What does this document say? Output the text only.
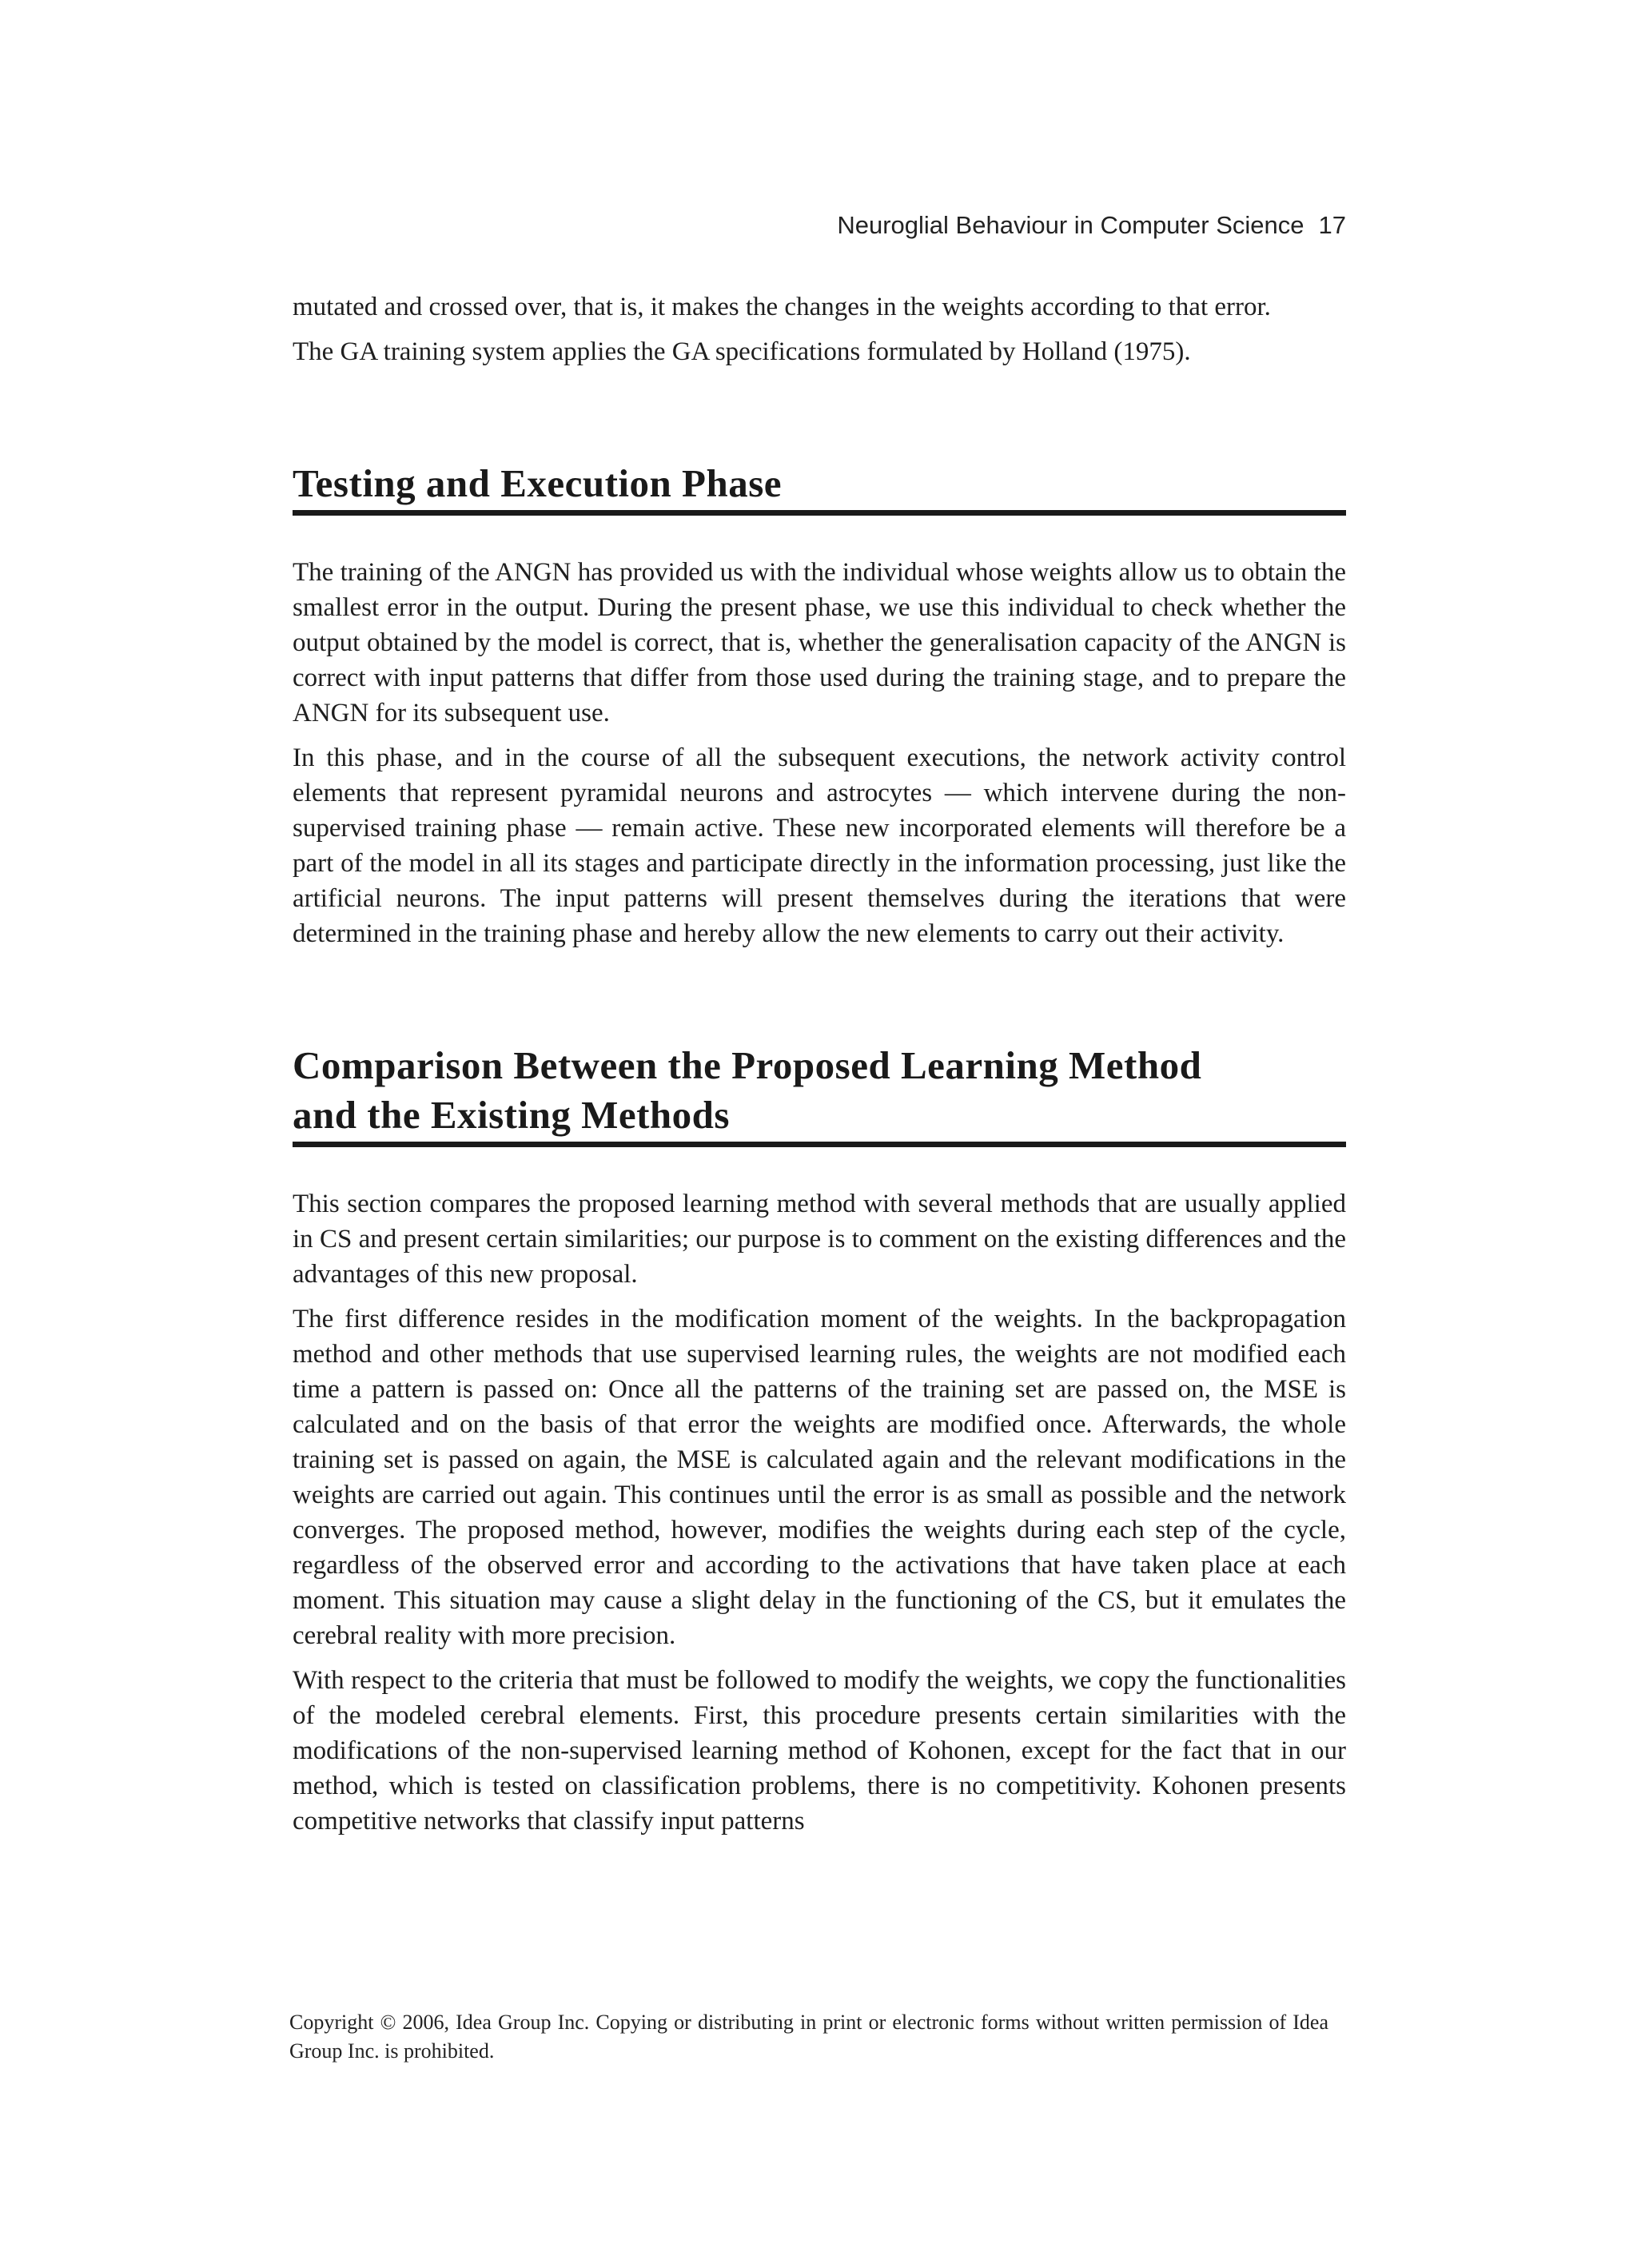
Neuroglial Behaviour in Computer Science 17

mutated and crossed over, that is, it makes the changes in the weights according to that error.

The GA training system applies the GA specifications formulated by Holland (1975).

Testing and Execution Phase

The training of the ANGN has provided us with the individual whose weights allow us to obtain the smallest error in the output. During the present phase, we use this individual to check whether the output obtained by the model is correct, that is, whether the generalisation capacity of the ANGN is correct with input patterns that differ from those used during the training stage, and to prepare the ANGN for its subsequent use.

In this phase, and in the course of all the subsequent executions, the network activity control elements that represent pyramidal neurons and astrocytes — which intervene during the non- supervised training phase — remain active. These new incorporated elements will therefore be a part of the model in all its stages and participate directly in the information processing, just like the artificial neurons. The input patterns will present themselves during the iterations that were determined in the training phase and hereby allow the new elements to carry out their activity.

Comparison Between the Proposed Learning Method
and the Existing Methods

This section compares the proposed learning method with several methods that are usually applied in CS and present certain similarities; our purpose is to comment on the existing differences and the advantages of this new proposal.

The first difference resides in the modification moment of the weights. In the backpropagation method and other methods that use supervised learning rules, the weights are not modified each time a pattern is passed on: Once all the patterns of the training set are passed on, the MSE is calculated and on the basis of that error the weights are modified once. Afterwards, the whole training set is passed on again, the MSE is calculated again and the relevant modifications in the weights are carried out again. This continues until the error is as small as possible and the network converges. The proposed method, however, modifies the weights during each step of the cycle, regardless of the observed error and according to the activations that have taken place at each moment. This situation may cause a slight delay in the functioning of the CS, but it emulates the cerebral reality with more precision.

With respect to the criteria that must be followed to modify the weights, we copy the functionalities of the modeled cerebral elements. First, this procedure presents certain similarities with the modifications of the non-supervised learning method of Kohonen, except for the fact that in our method, which is tested on classification problems, there is no competitivity. Kohonen presents competitive networks that classify input patterns

Copyright © 2006, Idea Group Inc. Copying or distributing in print or electronic forms without written permission of Idea Group Inc. is prohibited.
